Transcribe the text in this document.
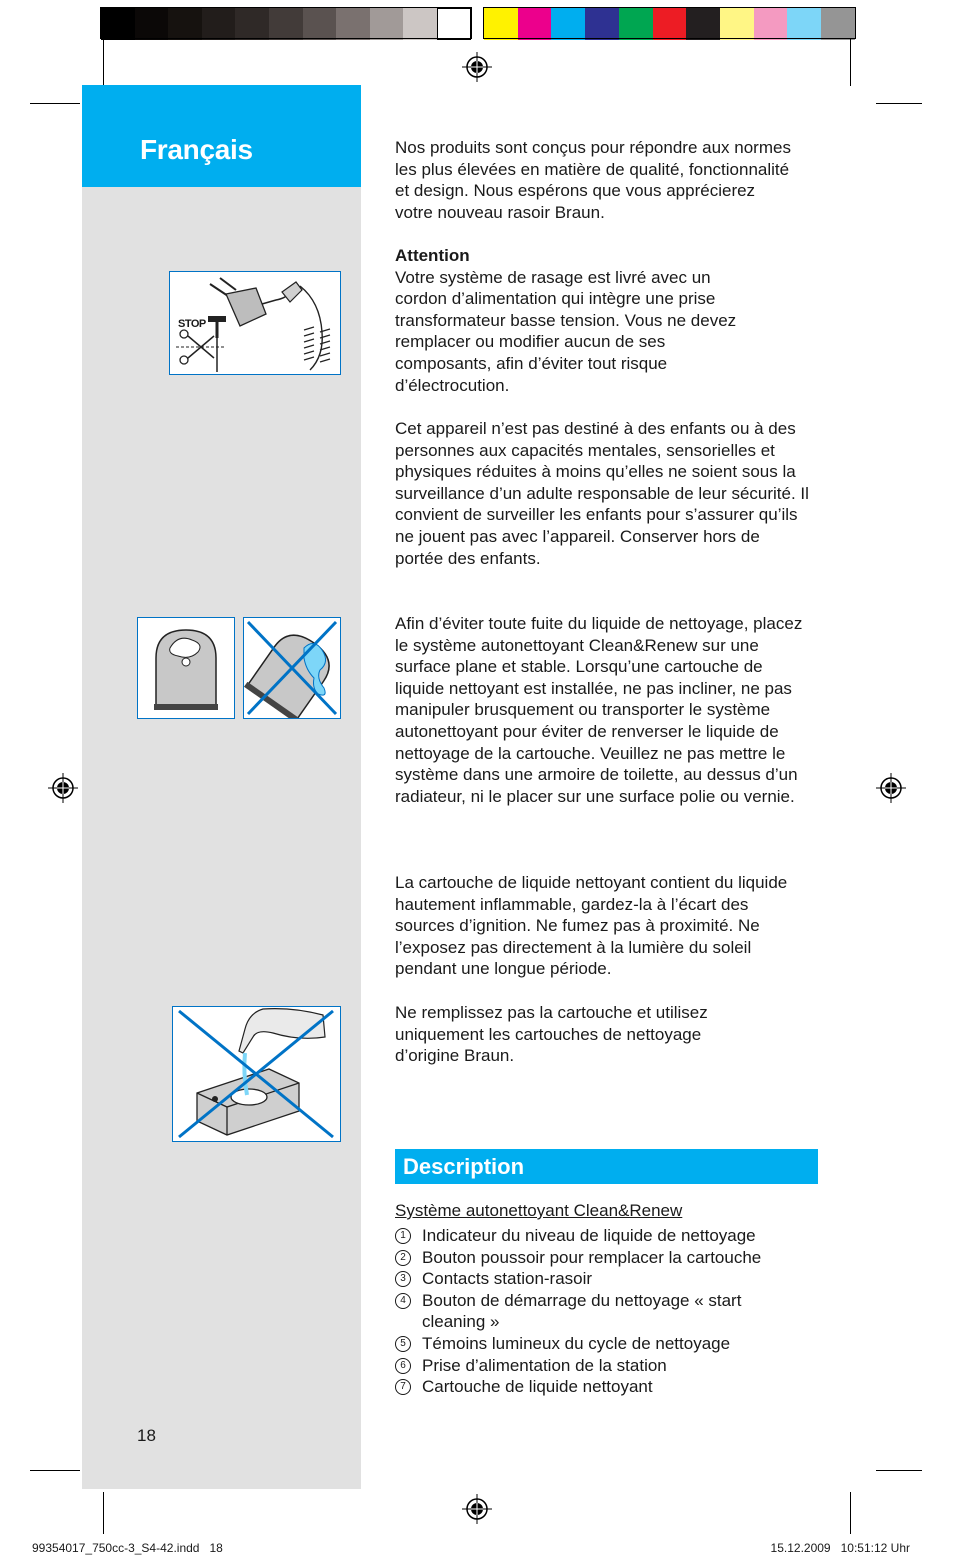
Français
STOP

Nos produits sont conçus pour répondre aux normes les plus élevées en matière de qualité, fonctionnalité et design. Nous espérons que vous apprécierez votre nouveau rasoir Braun.

Attention
Votre système de rasage est livré avec un cordon d’alimentation qui intègre une prise transformateur basse tension. Vous ne devez remplacer ou modifier aucun de ses composants, afin d’éviter tout risque d’électrocution.

Cet appareil n’est pas destiné à des enfants ou à des personnes aux capacités mentales, sensorielles et physiques réduites à moins qu’elles ne soient sous la surveillance d’un adulte responsable de leur sécurité. Il convient de surveiller les enfants pour s’assurer qu’ils ne jouent pas avec l’appareil. Conserver hors de portée des enfants.

Afin d’éviter toute fuite du liquide de nettoyage, placez le système autonettoyant Clean&Renew sur une surface plane et stable. Lorsqu’une cartouche de liquide nettoyant est installée, ne pas incliner, ne pas manipuler brusquement ou transporter le système autonettoyant pour éviter de renverser le liquide de nettoyage de la cartouche. Veuillez ne pas mettre le système dans une armoire de toilette, au dessus d’un radiateur, ni le placer sur une surface polie ou vernie.

La cartouche de liquide nettoyant contient du liquide hautement inflammable, gardez-la à l’écart des sources d’ignition. Ne fumez pas à proximité. Ne l’exposez pas directement à la lumière du soleil pendant une longue période.

Ne remplissez pas la cartouche et utilisez uniquement les cartouches de nettoyage d’origine Braun.

Description
Système autonettoyant Clean&Renew
1 Indicateur du niveau de liquide de nettoyage
2 Bouton poussoir pour remplacer la cartouche
3 Contacts station-rasoir
4 Bouton de démarrage du nettoyage « start cleaning »
5 Témoins lumineux du cycle de nettoyage
6 Prise d’alimentation de la station
7 Cartouche de liquide nettoyant
18
99354017_750cc-3_S4-42.indd   18	15.12.2009   10:51:12 Uhr
